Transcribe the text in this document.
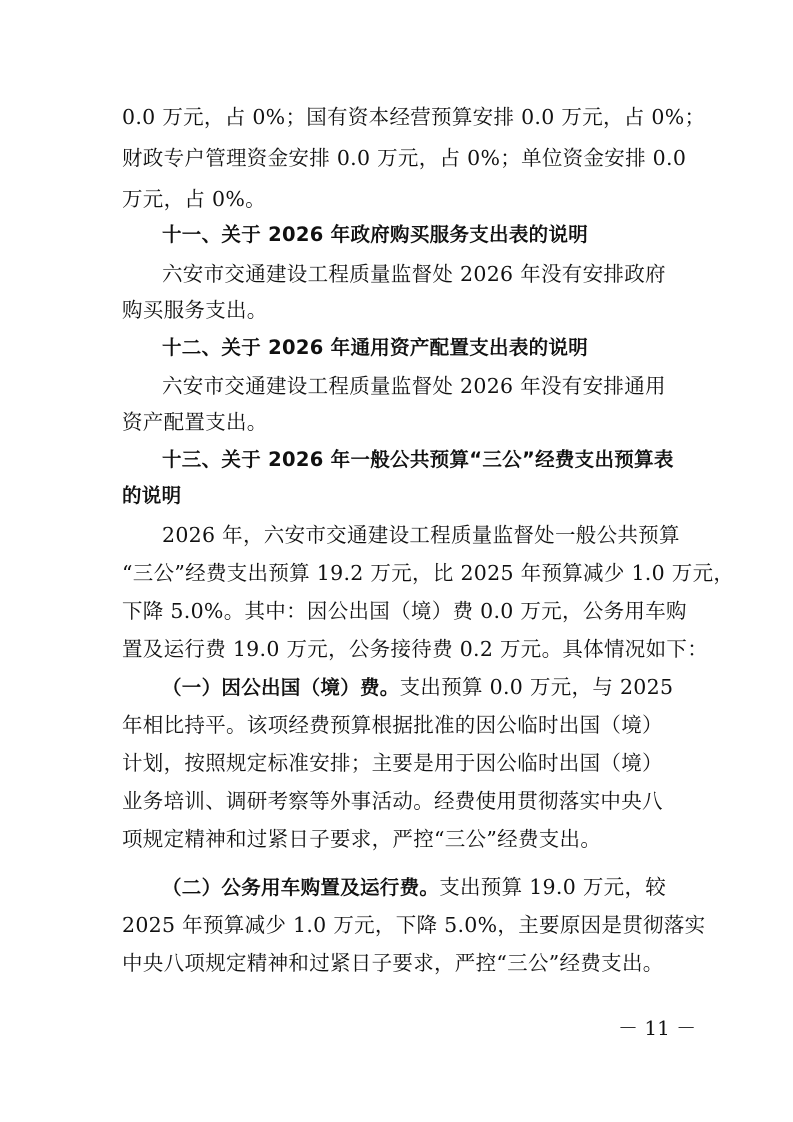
0.0 万元，占 0%；国有资本经营预算安排 0.0 万元，占 0%；
财政专户管理资金安排 0.0 万元，占 0%；单位资金安排 0.0
万元，占 0%。
十一、关于 2026 年政府购买服务支出表的说明
六安市交通建设工程质量监督处 2026 年没有安排政府
购买服务支出。
十二、关于 2026 年通用资产配置支出表的说明
六安市交通建设工程质量监督处 2026 年没有安排通用
资产配置支出。
十三、关于 2026 年一般公共预算“三公”经费支出预算表
的说明
2026 年，六安市交通建设工程质量监督处一般公共预算
“三公”经费支出预算 19.2 万元，比 2025 年预算减少 1.0 万元，
下降 5.0%。其中：因公出国（境）费 0.0 万元，公务用车购
置及运行费 19.0 万元，公务接待费 0.2 万元。具体情况如下：
（一）因公出国（境）费。支出预算 0.0 万元，与 2025
年相比持平。该项经费预算根据批准的因公临时出国（境）
计划，按照规定标准安排；主要是用于因公临时出国（境）
业务培训、调研考察等外事活动。经费使用贯彻落实中央八
项规定精神和过紧日子要求，严控“三公”经费支出。
（二）公务用车购置及运行费。支出预算 19.0 万元，较
2025 年预算减少 1.0 万元，下降 5.0%，主要原因是贯彻落实
中央八项规定精神和过紧日子要求，严控“三公”经费支出。
－ 11 －
